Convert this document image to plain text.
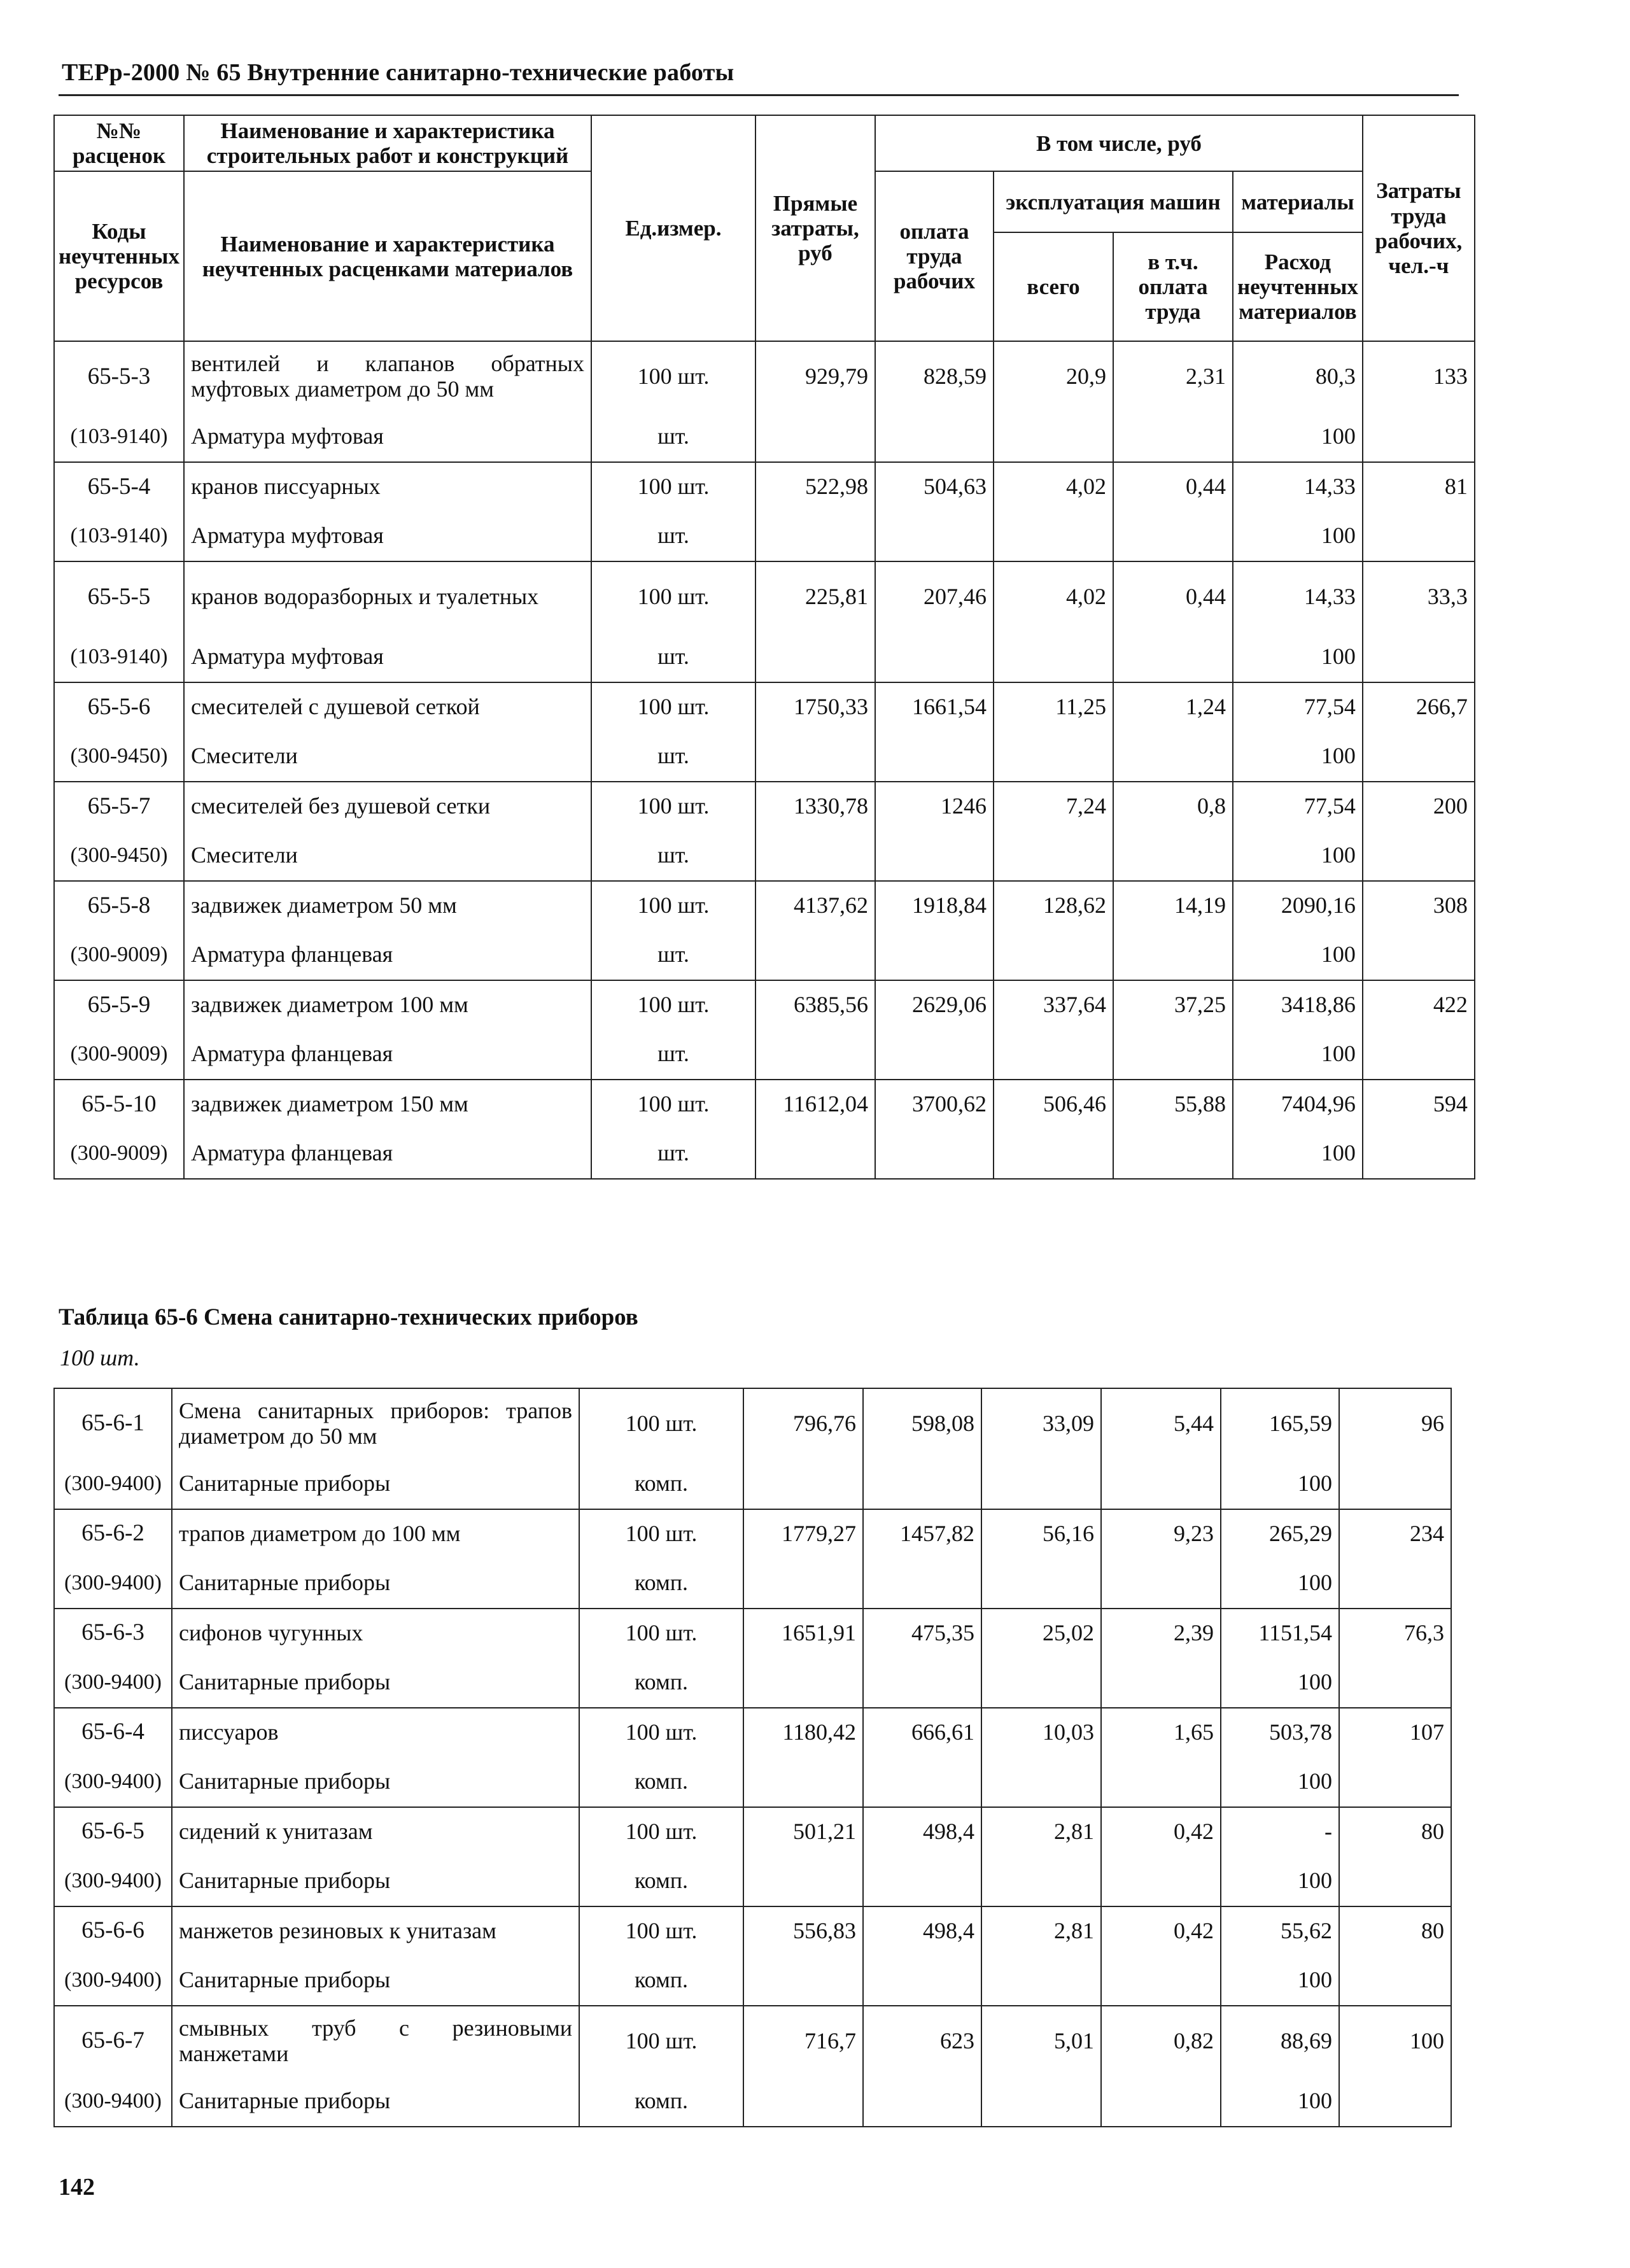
ТЕРр-2000 № 65 Внутренние санитарно-технические работы
№№ расценок	Наименование и характеристика строительных работ и конструкций	Ед.измер.	Прямые затраты, руб	В том числе, руб				Затраты труда рабочих, чел.-ч
Коды неучтенных ресурсов	Наименование и характеристика неучтенных расценками материалов			оплата труда рабочих	эксплуатация машин		материалы	
					всего	в т.ч. оплата труда	Расход неучтенных материалов	

65-5-3	вентилей и клапанов обратных муфтовых диаметром до 50 мм	100 шт.	929,79	828,59	20,9	2,31	80,3	133
(103-9140)	Арматура муфтовая	шт.					100	
65-5-4	кранов писсуарных	100 шт.	522,98	504,63	4,02	0,44	14,33	81
(103-9140)	Арматура муфтовая	шт.					100	
65-5-5	кранов водоразборных и туалетных	100 шт.	225,81	207,46	4,02	0,44	14,33	33,3
(103-9140)	Арматура муфтовая	шт.					100	
65-5-6	смесителей с душевой сеткой	100 шт.	1750,33	1661,54	11,25	1,24	77,54	266,7
(300-9450)	Смесители	шт.					100	
65-5-7	смесителей без душевой сетки	100 шт.	1330,78	1246	7,24	0,8	77,54	200
(300-9450)	Смесители	шт.					100	
65-5-8	задвижек диаметром 50 мм	100 шт.	4137,62	1918,84	128,62	14,19	2090,16	308
(300-9009)	Арматура фланцевая	шт.					100	
65-5-9	задвижек диаметром 100 мм	100 шт.	6385,56	2629,06	337,64	37,25	3418,86	422
(300-9009)	Арматура фланцевая	шт.					100	
65-5-10	задвижек диаметром 150 мм	100 шт.	11612,04	3700,62	506,46	55,88	7404,96	594
(300-9009)	Арматура фланцевая	шт.					100	
Таблица 65-6 Смена санитарно-технических приборов
100 шт.
65-6-1	Смена санитарных приборов: трапов диаметром до 50 мм	100 шт.	796,76	598,08	33,09	5,44	165,59	96
(300-9400)	Санитарные приборы	комп.					100	
65-6-2	трапов диаметром до 100 мм	100 шт.	1779,27	1457,82	56,16	9,23	265,29	234
(300-9400)	Санитарные приборы	комп.					100	
65-6-3	сифонов чугунных	100 шт.	1651,91	475,35	25,02	2,39	1151,54	76,3
(300-9400)	Санитарные приборы	комп.					100	
65-6-4	писсуаров	100 шт.	1180,42	666,61	10,03	1,65	503,78	107
(300-9400)	Санитарные приборы	комп.					100	
65-6-5	сидений к унитазам	100 шт.	501,21	498,4	2,81	0,42	-	80
(300-9400)	Санитарные приборы	комп.					100	
65-6-6	манжетов резиновых к унитазам	100 шт.	556,83	498,4	2,81	0,42	55,62	80
(300-9400)	Санитарные приборы	комп.					100	
65-6-7	смывных труб с резиновыми манжетами	100 шт.	716,7	623	5,01	0,82	88,69	100
(300-9400)	Санитарные приборы	комп.					100	
142
